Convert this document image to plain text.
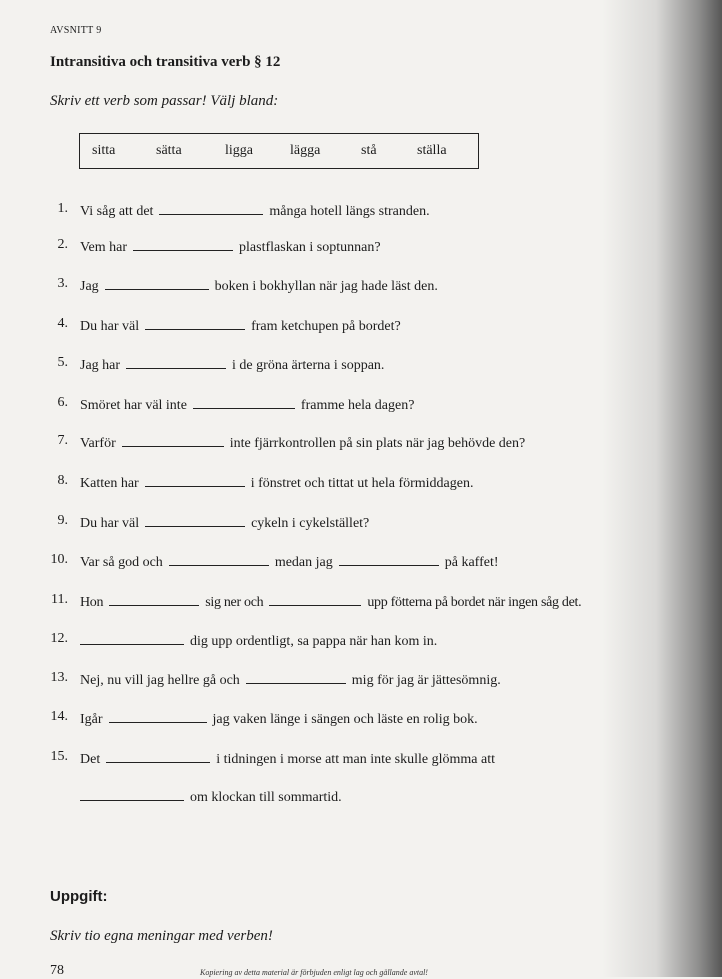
AVSNITT 9
Intransitiva och transitiva verb § 12
Skriv ett verb som passar! Välj bland:
sitta	sätta	ligga	lägga	stå	ställa
1. Vi såg att det	många hotell längs stranden.
2. Vem har	plastflaskan i soptunnan?
3. Jag	boken i bokhyllan när jag hade läst den.
4. Du har väl	fram ketchupen på bordet?
5. Jag har	i de gröna ärterna i soppan.
6. Smöret har väl inte	framme hela dagen?
7. Varför	inte fjärrkontrollen på sin plats när jag behövde den?
8. Katten har	i fönstret och tittat ut hela förmiddagen.
9. Du har väl	cykeln i cykelstället?
10. Var så god och	medan jag	på kaffet!
11. Hon	sig ner och	upp fötterna på bordet när ingen såg det.
12.	dig upp ordentligt, sa pappa när han kom in.
13. Nej, nu vill jag hellre gå och	mig för jag är jättesömnig.
14. Igår	jag vaken länge i sängen och läste en rolig bok.
15. Det	i tidningen i morse att man inte skulle glömma att
om klockan till sommartid.
Uppgift:
Skriv tio egna meningar med verben!
78	Kopiering av detta material är förbjuden enligt lag och gällande avtal!
